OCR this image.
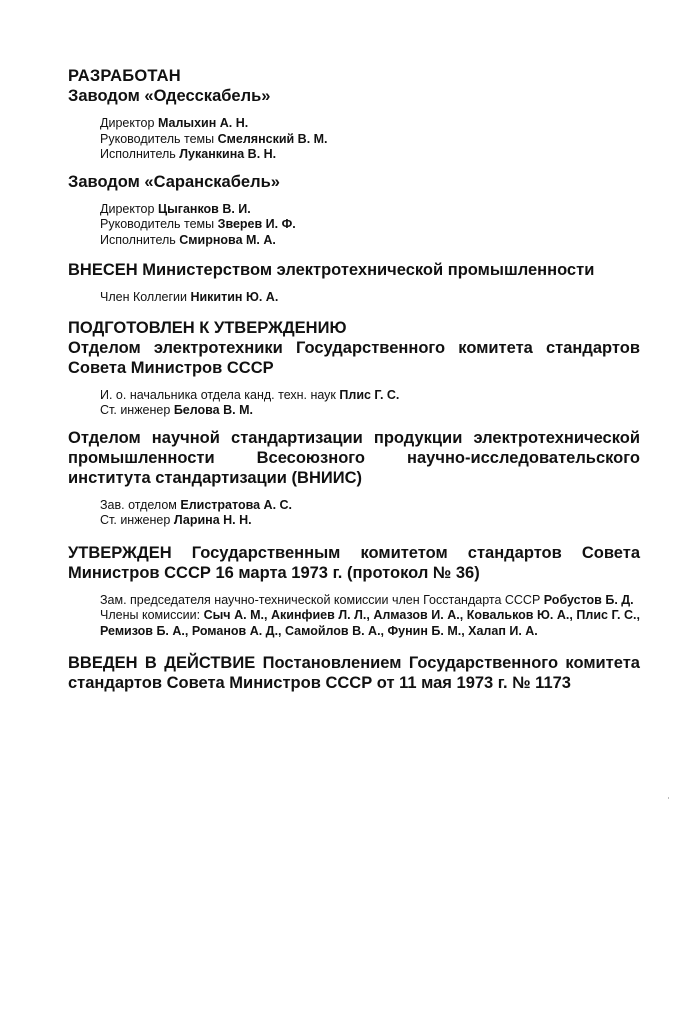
РАЗРАБОТАН

Заводом «Одесскабель»

Директор Малыхин А. Н.
Руководитель темы Смелянский В. М.
Исполнитель Луканкина В. Н.

Заводом «Саранскабель»

Директор Цыганков В. И.
Руководитель темы Зверев И. Ф.
Исполнитель Смирнова М. А.

ВНЕСЕН Министерством электротехнической промышленности

Член Коллегии Никитин Ю. А.

ПОДГОТОВЛЕН К УТВЕРЖДЕНИЮ

Отделом электротехники Государственного комитета стандартов Совета Министров СССР

И. о. начальника отдела канд. техн. наук Плис Г. С.
Ст. инженер Белова В. М.

Отделом научной стандартизации продукции электротехнической промышленности Всесоюзного научно-исследовательского института стандартизации (ВНИИС)

Зав. отделом Елистратова А. С.
Ст. инженер Ларина Н. Н.

УТВЕРЖДЕН Государственным комитетом стандартов Совета Министров СССР 16 марта 1973 г. (протокол № 36)

Зам. председателя научно-технической комиссии член Госстандарта СССР Робустов Б. Д.
Члены комиссии: Сыч А. М., Акинфиев Л. Л., Алмазов И. А., Ковальков Ю. А., Плис Г. С., Ремизов Б. А., Романов А. Д., Самойлов В. А., Фунин Б. М., Халап И. А.

ВВЕДЕН В ДЕЙСТВИЕ Постановлением Государственного комитета стандартов Совета Министров СССР от 11 мая 1973 г. № 1173
